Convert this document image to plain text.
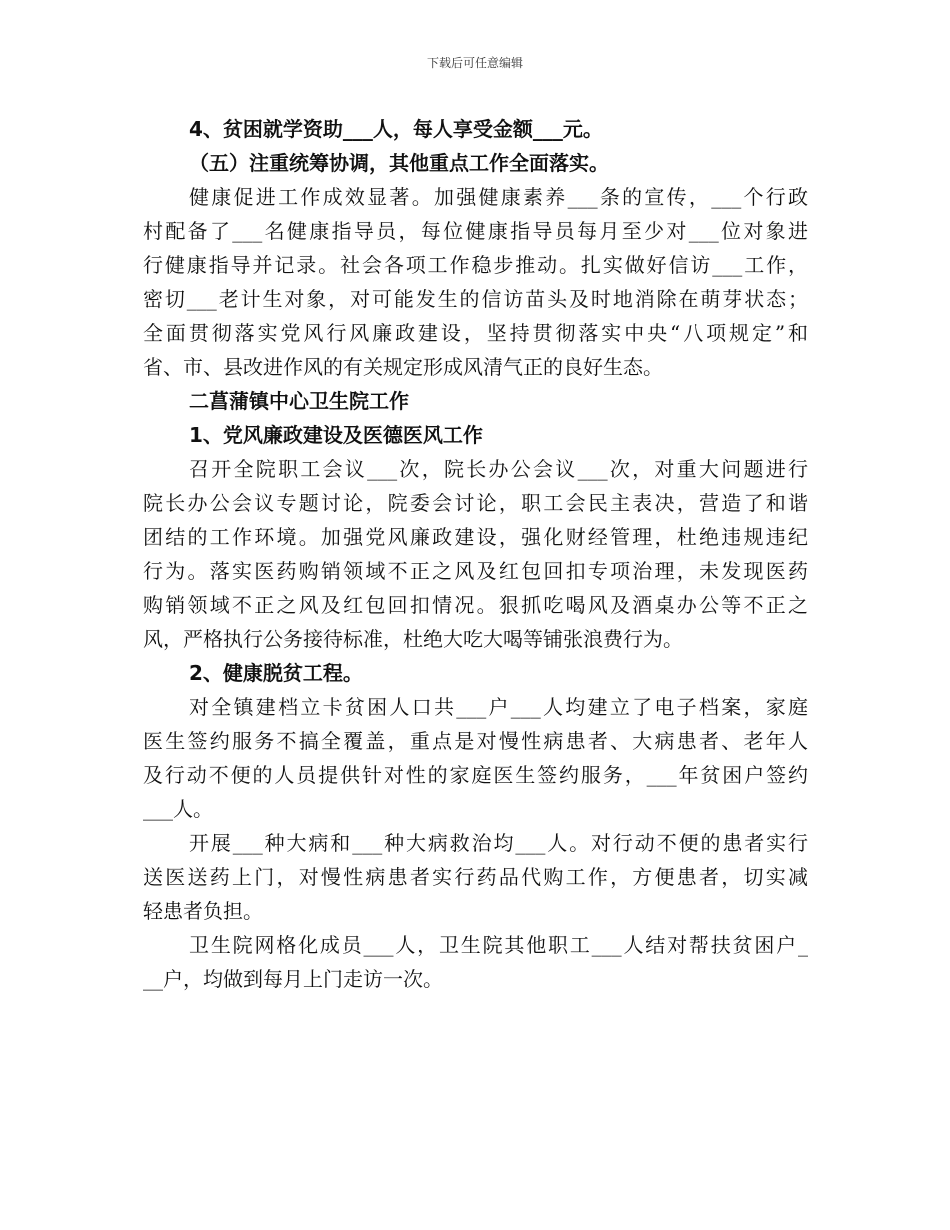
下载后可任意编辑
4、贫困就学资助___人，每人享受金额___元。
（五）注重统筹协调，其他重点工作全面落实。
健康促进工作成效显著。加强健康素养___条的宣传，___个行政
村配备了___名健康指导员，每位健康指导员每月至少对___位对象进
行健康指导并记录。社会各项工作稳步推动。扎实做好信访___工作，
密切___老计生对象，对可能发生的信访苗头及时地消除在萌芽状态；
全面贯彻落实党风行风廉政建设，坚持贯彻落实中央“八项规定”和
省、市、县改进作风的有关规定形成风清气正的良好生态。
二菖蒲镇中心卫生院工作
1、党风廉政建设及医德医风工作
召开全院职工会议___次，院长办公会议___次，对重大问题进行
院长办公会议专题讨论，院委会讨论，职工会民主表决，营造了和谐
团结的工作环境。加强党风廉政建设，强化财经管理，杜绝违规违纪
行为。落实医药购销领域不正之风及红包回扣专项治理，未发现医药
购销领域不正之风及红包回扣情况。狠抓吃喝风及酒桌办公等不正之
风，严格执行公务接待标准，杜绝大吃大喝等铺张浪费行为。
2、健康脱贫工程。
对全镇建档立卡贫困人口共___户___人均建立了电子档案，家庭
医生签约服务不搞全覆盖，重点是对慢性病患者、大病患者、老年人
及行动不便的人员提供针对性的家庭医生签约服务，___年贫困户签约
___人。
开展___种大病和___种大病救治均___人。对行动不便的患者实行
送医送药上门，对慢性病患者实行药品代购工作，方便患者，切实减
轻患者负担。
卫生院网格化成员___人，卫生院其他职工___人结对帮扶贫困户_
__户，均做到每月上门走访一次。
